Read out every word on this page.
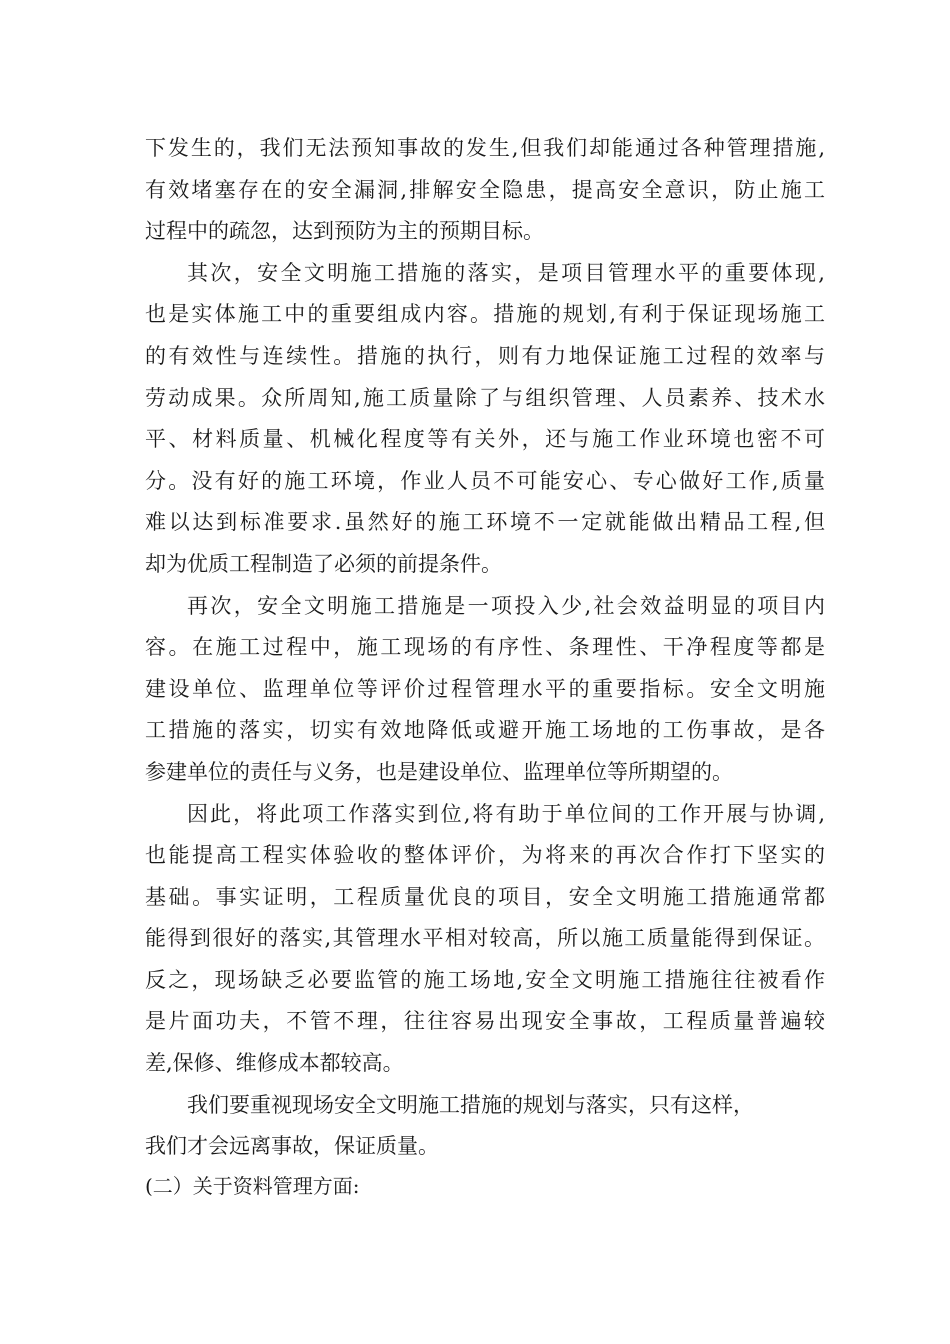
下发生的，我们无法预知事故的发生,但我们却能通过各种管理措施,
有效堵塞存在的安全漏洞,排解安全隐患，提高安全意识，防止施工
过程中的疏忽，达到预防为主的预期目标。
其次，安全文明施工措施的落实，是项目管理水平的重要体现,
也是实体施工中的重要组成内容。措施的规划,有利于保证现场施工
的有效性与连续性。措施的执行，则有力地保证施工过程的效率与
劳动成果。众所周知,施工质量除了与组织管理、人员素养、技术水
平、材料质量、机械化程度等有关外，还与施工作业环境也密不可
分。没有好的施工环境，作业人员不可能安心、专心做好工作,质量
难以达到标准要求.虽然好的施工环境不一定就能做出精品工程,但
却为优质工程制造了必须的前提条件。
再次，安全文明施工措施是一项投入少,社会效益明显的项目内
容。在施工过程中，施工现场的有序性、条理性、干净程度等都是
建设单位、监理单位等评价过程管理水平的重要指标。安全文明施
工措施的落实，切实有效地降低或避开施工场地的工伤事故，是各
参建单位的责任与义务，也是建设单位、监理单位等所期望的。
因此，将此项工作落实到位,将有助于单位间的工作开展与协调,
也能提高工程实体验收的整体评价，为将来的再次合作打下坚实的
基础。事实证明，工程质量优良的项目，安全文明施工措施通常都
能得到很好的落实,其管理水平相对较高，所以施工质量能得到保证。
反之，现场缺乏必要监管的施工场地,安全文明施工措施往往被看作
是片面功夫，不管不理，往往容易出现安全事故，工程质量普遍较
差,保修、维修成本都较高。
我们要重视现场安全文明施工措施的规划与落实，只有这样，
我们才会远离事故，保证质量。
(二）关于资料管理方面:
